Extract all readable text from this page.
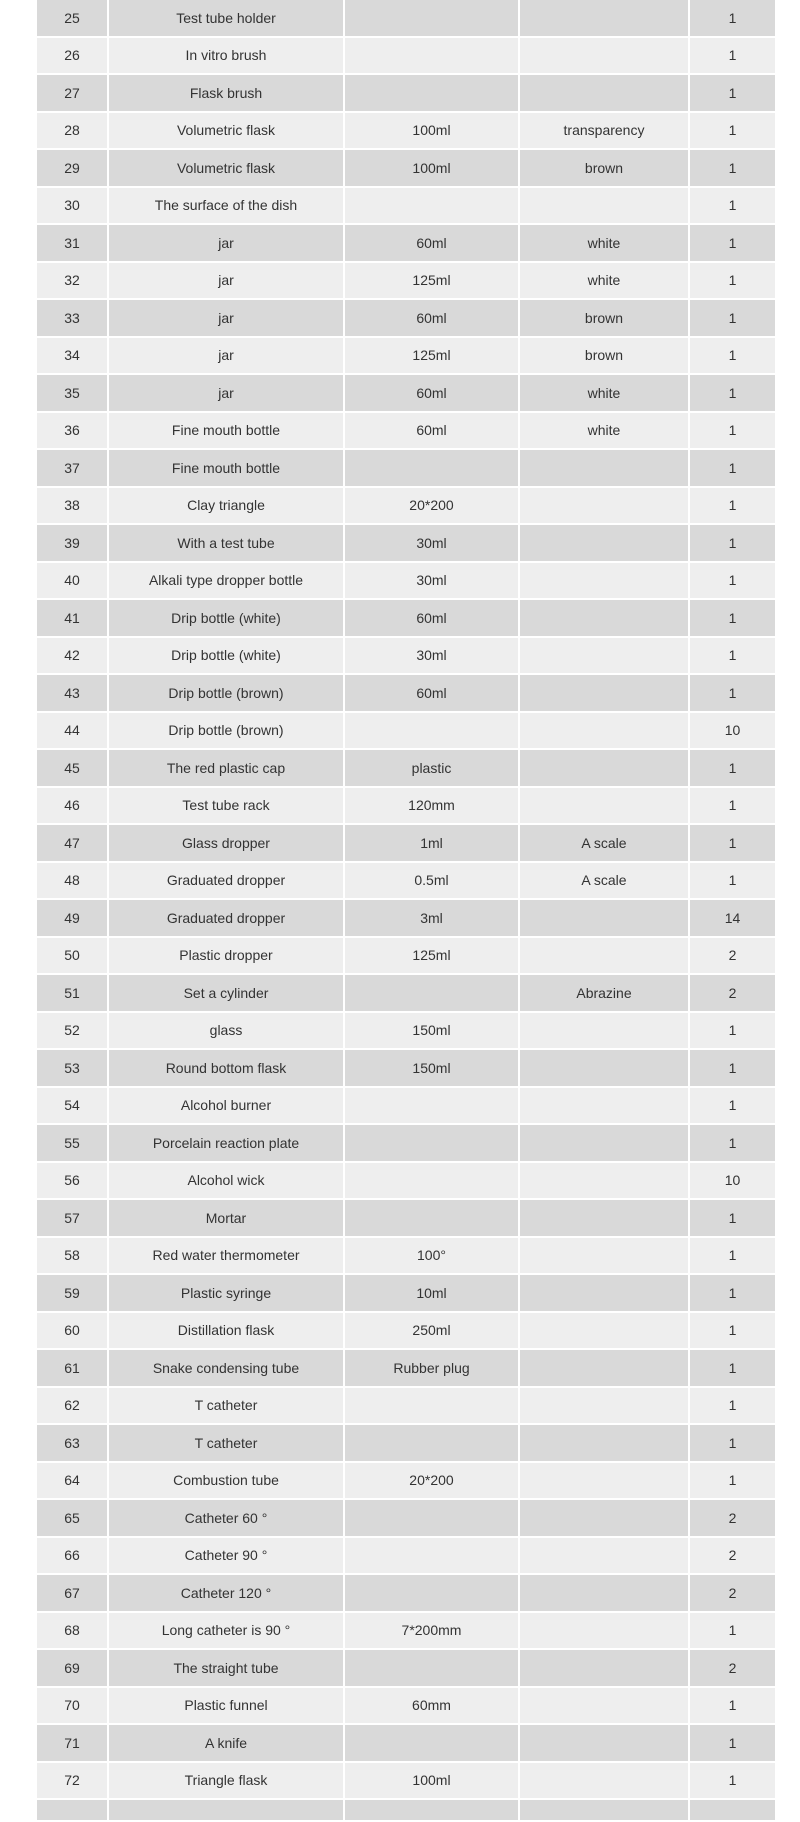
25	Test tube holder			1
26	In vitro brush			1
27	Flask brush			1
28	Volumetric flask	100ml	transparency	1
29	Volumetric flask	100ml	brown	1
30	The surface of the dish			1
31	jar	60ml	white	1
32	jar	125ml	white	1
33	jar	60ml	brown	1
34	jar	125ml	brown	1
35	jar	60ml	white	1
36	Fine mouth bottle	60ml	white	1
37	Fine mouth bottle			1
38	Clay triangle	20*200		1
39	With a test tube	30ml		1
40	Alkali type dropper bottle	30ml		1
41	Drip bottle (white)	60ml		1
42	Drip bottle (white)	30ml		1
43	Drip bottle (brown)	60ml		1
44	Drip bottle (brown)			10
45	The red plastic cap	plastic		1
46	Test tube rack	120mm		1
47	Glass dropper	1ml	A scale	1
48	Graduated dropper	0.5ml	A scale	1
49	Graduated dropper	3ml		14
50	Plastic dropper	125ml		2
51	Set a cylinder		Abrazine	2
52	glass	150ml		1
53	Round bottom flask	150ml		1
54	Alcohol burner			1
55	Porcelain reaction plate			1
56	Alcohol wick			10
57	Mortar			1
58	Red water thermometer	100°		1
59	Plastic syringe	10ml		1
60	Distillation flask	250ml		1
61	Snake condensing tube	Rubber plug		1
62	T catheter			1
63	T catheter			1
64	Combustion tube	20*200		1
65	Catheter 60 °			2
66	Catheter 90 °			2
67	Catheter 120 °			2
68	Long catheter is 90 °	7*200mm		1
69	The straight tube			2
70	Plastic funnel	60mm		1
71	A knife			1
72	Triangle flask	100ml		1
